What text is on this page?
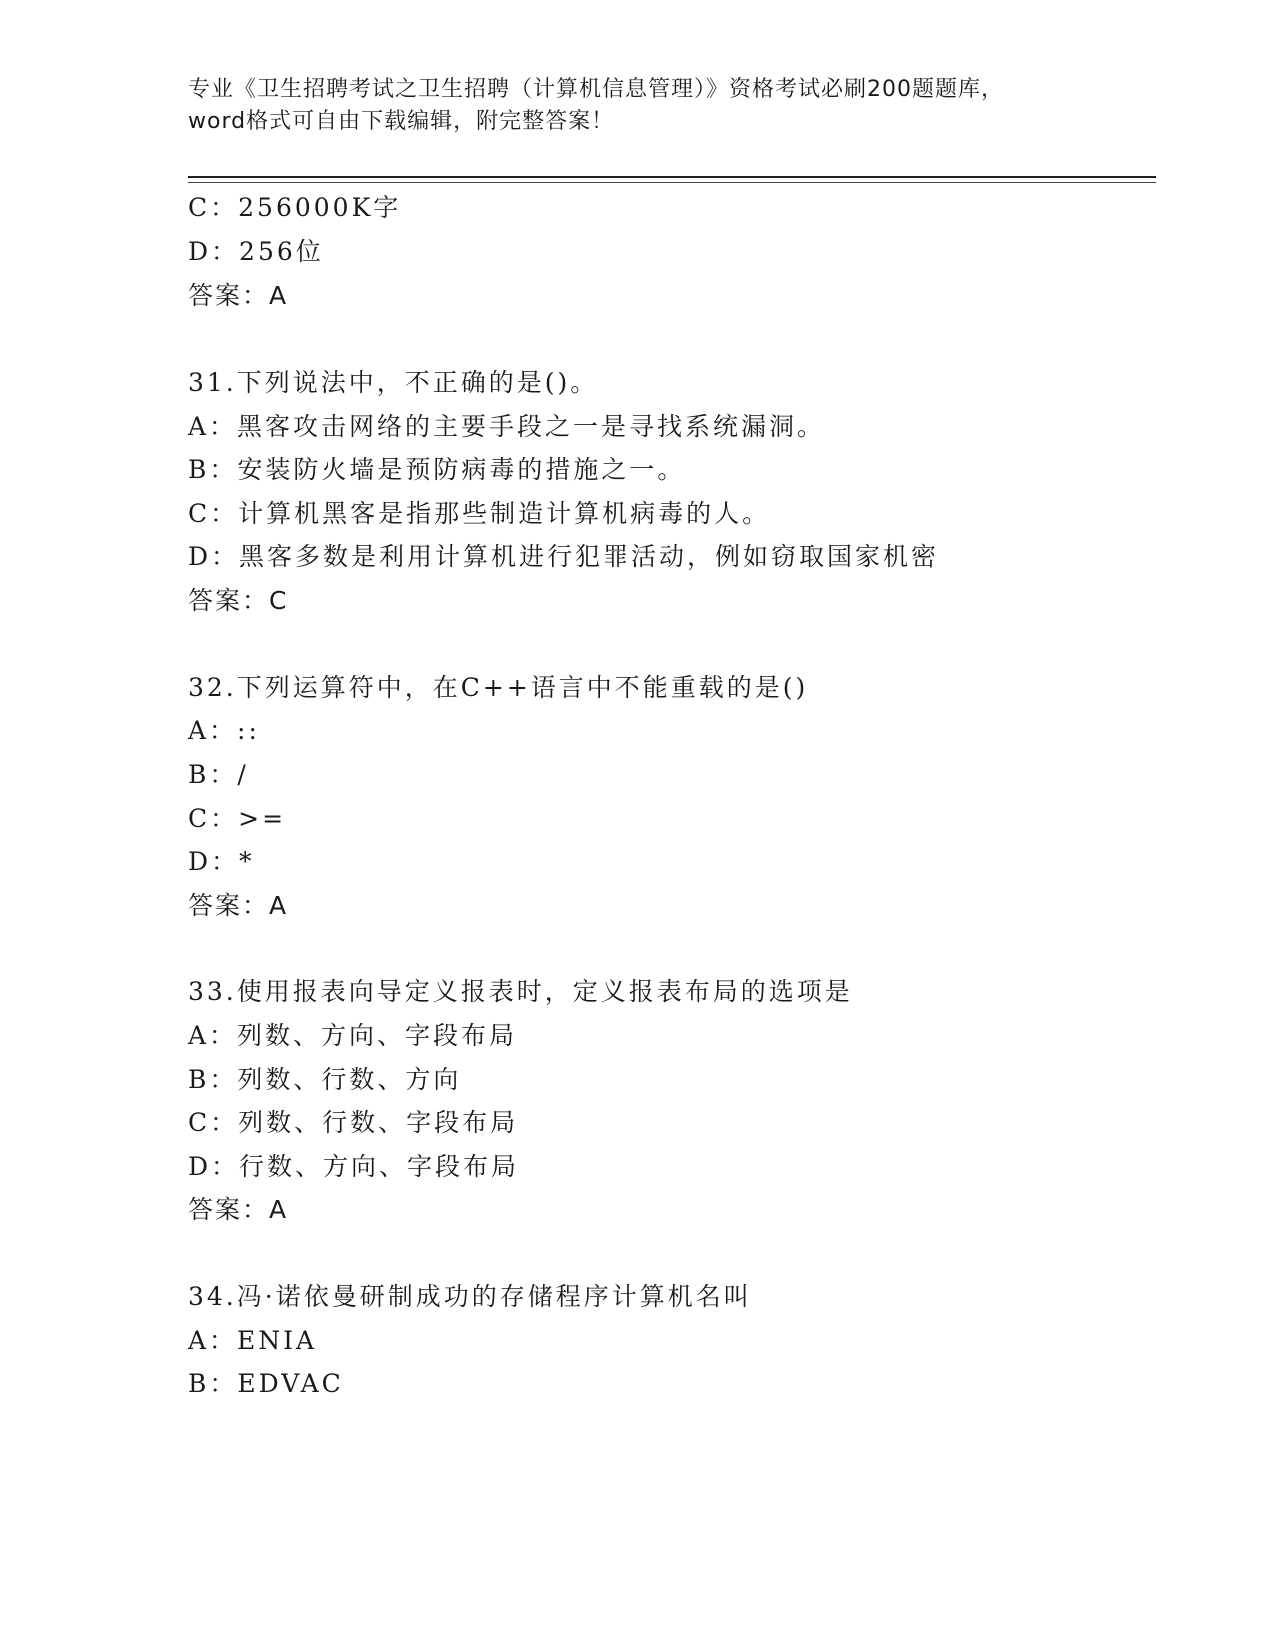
专业《卫生招聘考试之卫生招聘（计算机信息管理）》资格考试必刷200题题库，
word格式可自由下载编辑，附完整答案！
C：256000K字
D：256位
答案：A
31.下列说法中，不正确的是()。
A：黑客攻击网络的主要手段之一是寻找系统漏洞。
B：安装防火墙是预防病毒的措施之一。
C：计算机黑客是指那些制造计算机病毒的人。
D：黑客多数是利用计算机进行犯罪活动，例如窃取国家机密
答案：C
32.下列运算符中，在C++语言中不能重载的是()
A：::
B：/
C：>=
D：*
答案：A
33.使用报表向导定义报表时，定义报表布局的选项是
A：列数、方向、字段布局
B：列数、行数、方向
C：列数、行数、字段布局
D：行数、方向、字段布局
答案：A
34.冯·诺依曼研制成功的存储程序计算机名叫
A：ENIA
B：EDVAC
